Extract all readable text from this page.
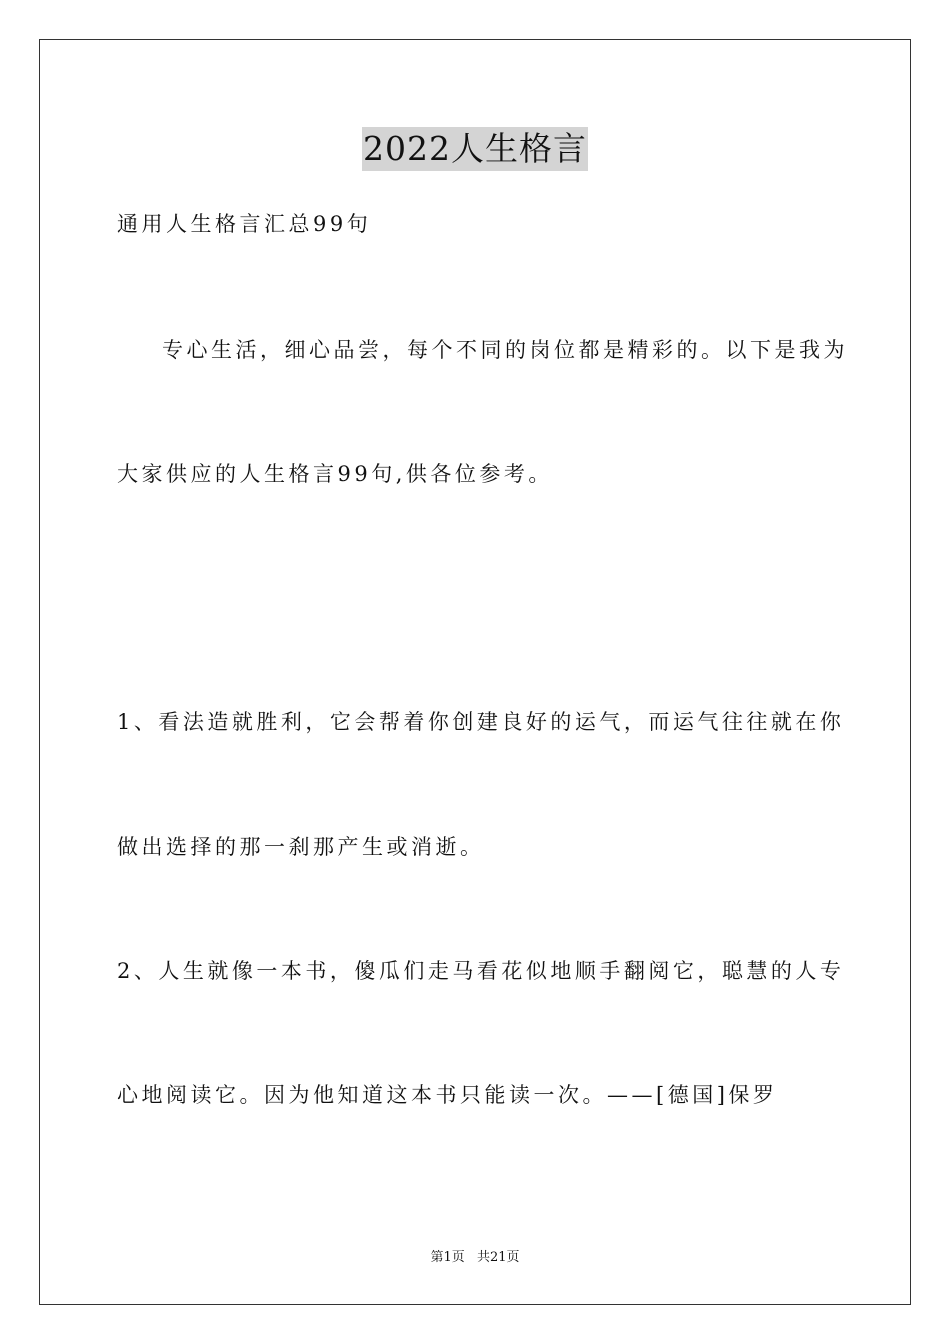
2022人生格言
通用人生格言汇总99句
专心生活，细心品尝，每个不同的岗位都是精彩的。以下是我为
大家供应的人生格言99句,供各位参考。
1、看法造就胜利，它会帮着你创建良好的运气，而运气往往就在你
做出选择的那一刹那产生或消逝。
2、人生就像一本书，傻瓜们走马看花似地顺手翻阅它，聪慧的人专
心地阅读它。因为他知道这本书只能读一次。——[德国]保罗
第1页 共21页
